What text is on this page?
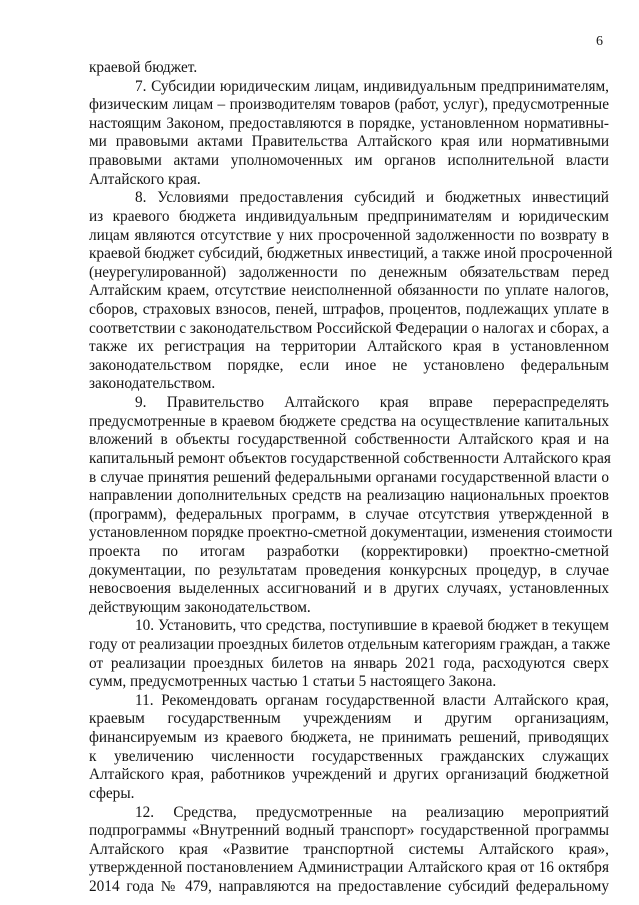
6
краевой бюджет.
7. Субсидии юридическим лицам, индивидуальным предпринимателям,
физическим лицам – производителям товаров (работ, услуг), предусмотренные
настоящим Законом, предоставляются в порядке, установленном нормативны-
ми правовыми актами Правительства Алтайского края или нормативными
правовыми актами уполномоченных им органов исполнительной власти
Алтайского края.
8. Условиями предоставления субсидий и бюджетных инвестиций
из краевого бюджета индивидуальным предпринимателям и юридическим
лицам являются отсутствие у них просроченной задолженности по возврату в
краевой бюджет субсидий, бюджетных инвестиций, а также иной просроченной
(неурегулированной) задолженности по денежным обязательствам перед
Алтайским краем, отсутствие неисполненной обязанности по уплате налогов,
сборов, страховых взносов, пеней, штрафов, процентов, подлежащих уплате в
соответствии с законодательством Российской Федерации о налогах и сборах, а
также их регистрация на территории Алтайского края в установленном
законодательством порядке, если иное не установлено федеральным
законодательством.
9. Правительство Алтайского края вправе перераспределять
предусмотренные в краевом бюджете средства на осуществление капитальных
вложений в объекты государственной собственности Алтайского края и на
капитальный ремонт объектов государственной собственности Алтайского края
в случае принятия решений федеральными органами государственной власти о
направлении дополнительных средств на реализацию национальных проектов
(программ), федеральных программ, в случае отсутствия утвержденной в
установленном порядке проектно-сметной документации, изменения стоимости
проекта по итогам разработки (корректировки) проектно-сметной
документации, по результатам проведения конкурсных процедур, в случае
невосвоения выделенных ассигнований и в других случаях, установленных
действующим законодательством.
10. Установить, что средства, поступившие в краевой бюджет в текущем
году от реализации проездных билетов отдельным категориям граждан, а также
от реализации проездных билетов на январь 2021 года, расходуются сверх
сумм, предусмотренных частью 1 статьи 5 настоящего Закона.
11. Рекомендовать органам государственной власти Алтайского края,
краевым государственным учреждениям и другим организациям,
финансируемым из краевого бюджета, не принимать решений, приводящих
к увеличению численности государственных гражданских служащих
Алтайского края, работников учреждений и других организаций бюджетной
сферы.
12. Средства, предусмотренные на реализацию мероприятий
подпрограммы «Внутренний водный транспорт» государственной программы
Алтайского края «Развитие транспортной системы Алтайского края»,
утвержденной постановлением Администрации Алтайского края от 16 октября
2014 года № 479, направляются на предоставление субсидий федеральному
